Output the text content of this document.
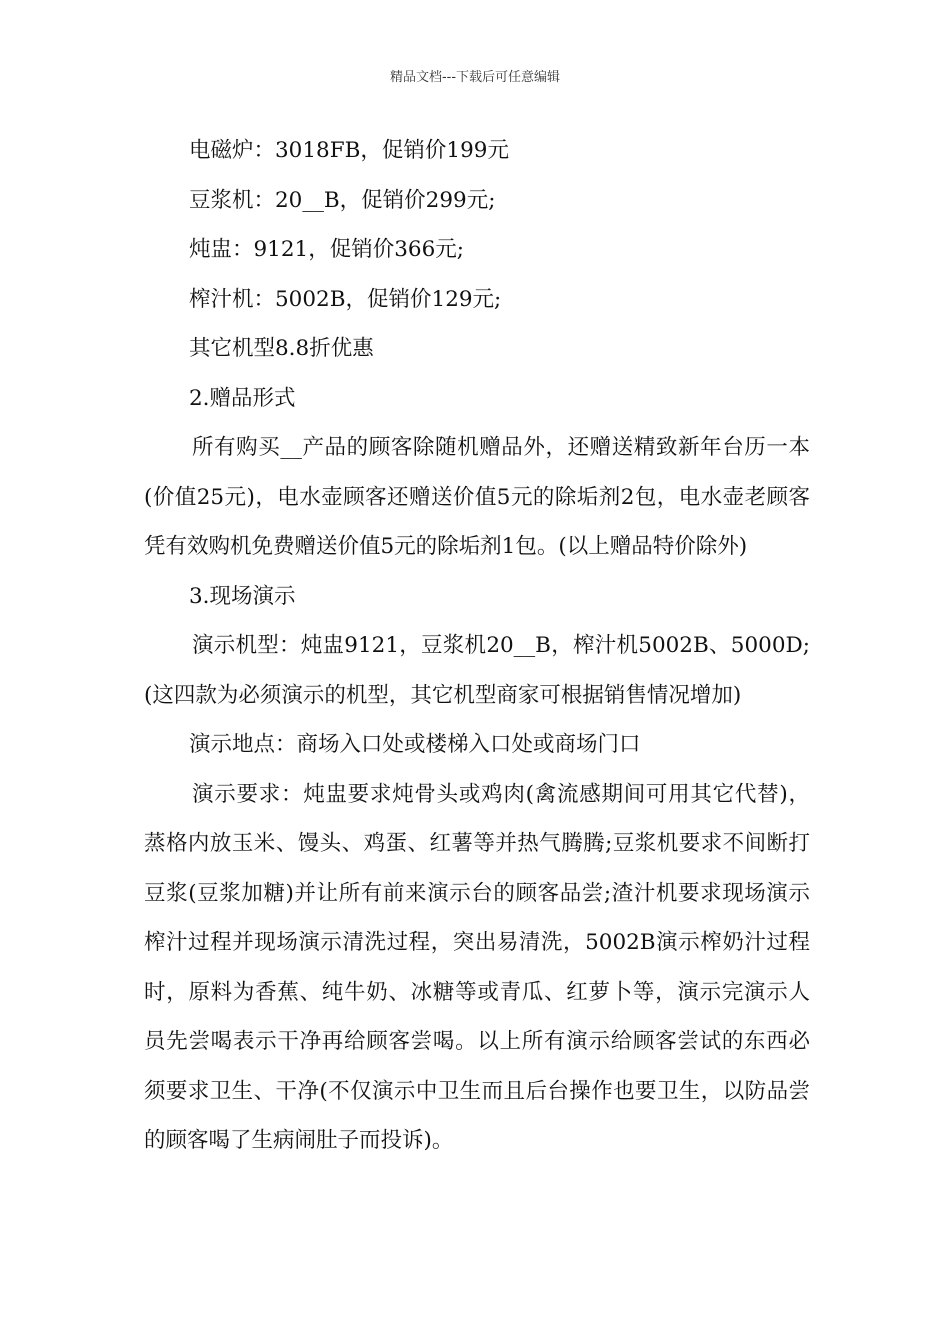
精品文档---下载后可任意编辑

电磁炉：3018FB，促销价199元

豆浆机：20__B，促销价299元;

炖盅：9121，促销价366元;

榨汁机：5002B，促销价129元;

其它机型8.8折优惠

2.赠品形式

所有购买__产品的顾客除随机赠品外，还赠送精致新年台历一本(价值25元)，电水壶顾客还赠送价值5元的除垢剂2包，电水壶老顾客凭有效购机免费赠送价值5元的除垢剂1包。(以上赠品特价除外)

3.现场演示

演示机型：炖盅9121，豆浆机20__B，榨汁机5002B、5000D;(这四款为必须演示的机型，其它机型商家可根据销售情况增加)

演示地点：商场入口处或楼梯入口处或商场门口

演示要求：炖盅要求炖骨头或鸡肉(禽流感期间可用其它代替)，蒸格内放玉米、馒头、鸡蛋、红薯等并热气腾腾;豆浆机要求不间断打豆浆(豆浆加糖)并让所有前来演示台的顾客品尝;渣汁机要求现场演示榨汁过程并现场演示清洗过程，突出易清洗，5002B演示榨奶汁过程时，原料为香蕉、纯牛奶、冰糖等或青瓜、红萝卜等，演示完演示人员先尝喝表示干净再给顾客尝喝。以上所有演示给顾客尝试的东西必须要求卫生、干净(不仅演示中卫生而且后台操作也要卫生，以防品尝的顾客喝了生病闹肚子而投诉)。
